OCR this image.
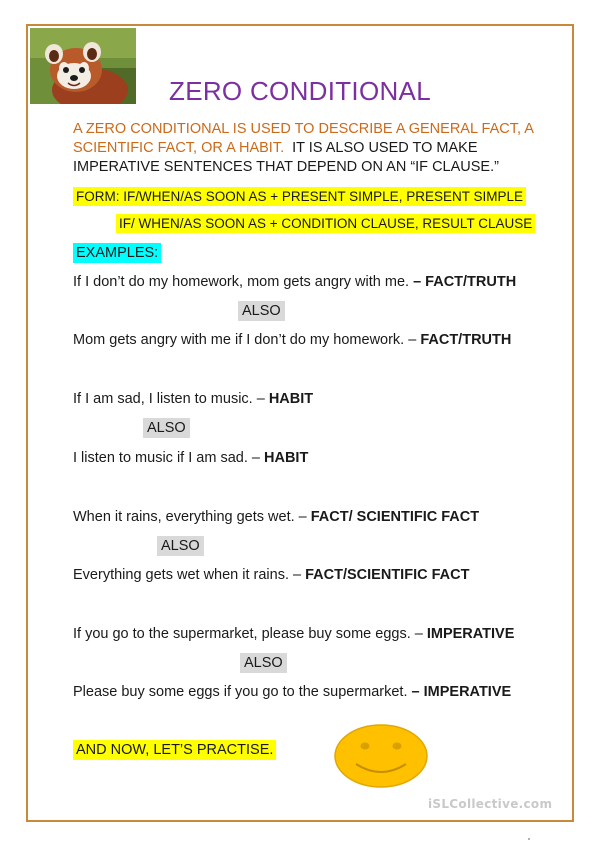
ZERO CONDITIONAL
A ZERO CONDITIONAL IS USED TO DESCRIBE A GENERAL FACT, A SCIENTIFIC FACT, OR A HABIT. IT IS ALSO USED TO MAKE IMPERATIVE SENTENCES THAT DEPEND ON AN “IF CLAUSE.”
FORM: IF/WHEN/AS SOON AS + PRESENT SIMPLE, PRESENT SIMPLE
IF/ WHEN/AS SOON AS + CONDITION CLAUSE, RESULT CLAUSE
EXAMPLES:
If I don’t do my homework, mom gets angry with me. – FACT/TRUTH
ALSO
Mom gets angry with me if I don’t do my homework. – FACT/TRUTH
If I am sad, I listen to music. – HABIT
ALSO
I listen to music if I am sad. – HABIT
When it rains, everything gets wet. – FACT/ SCIENTIFIC FACT
ALSO
Everything gets wet when it rains. – FACT/SCIENTIFIC FACT
If you go to the supermarket, please buy some eggs. – IMPERATIVE
ALSO
Please buy some eggs if you go to the supermarket. – IMPERATIVE
AND NOW, LET’S PRACTISE.
iSLCollective.com
